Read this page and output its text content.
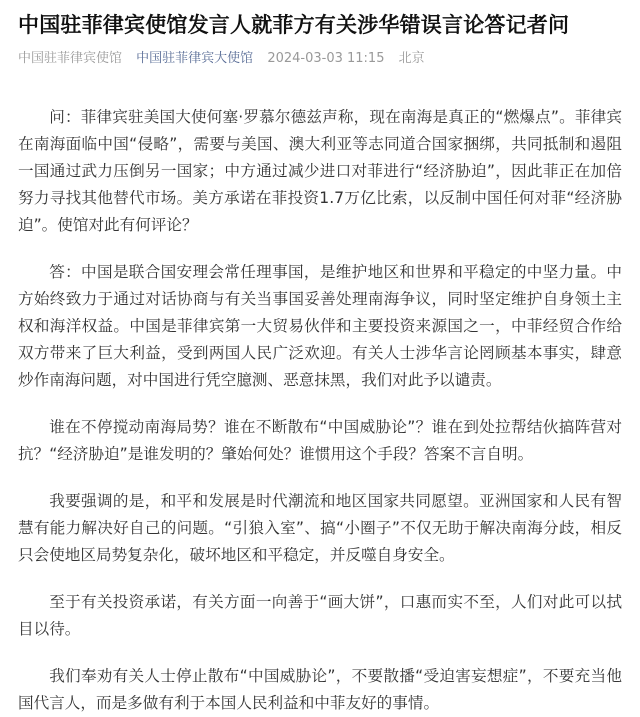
中国驻菲律宾使馆发言人就菲方有关涉华错误言论答记者问
中国驻菲律宾使馆 中国驻菲律宾大使馆 2024-03-03 11:15 北京

问：菲律宾驻美国大使何塞·罗慕尔德兹声称，现在南海是真正的“燃爆点”。菲律宾在南海面临中国“侵略”，需要与美国、澳大利亚等志同道合国家捆绑，共同抵制和遏阻一国通过武力压倒另一国家；中方通过减少进口对菲进行“经济胁迫”，因此菲正在加倍努力寻找其他替代市场。美方承诺在菲投资1.7万亿比索，以反制中国任何对菲“经济胁迫”。使馆对此有何评论？

答：中国是联合国安理会常任理事国，是维护地区和世界和平稳定的中坚力量。中方始终致力于通过对话协商与有关当事国妥善处理南海争议，同时坚定维护自身领土主权和海洋权益。中国是菲律宾第一大贸易伙伴和主要投资来源国之一，中菲经贸合作给双方带来了巨大利益，受到两国人民广泛欢迎。有关人士涉华言论罔顾基本事实，肆意炒作南海问题，对中国进行凭空臆测、恶意抹黑，我们对此予以谴责。

谁在不停搅动南海局势？谁在不断散布“中国威胁论”？谁在到处拉帮结伙搞阵营对抗？“经济胁迫”是谁发明的？肇始何处？谁惯用这个手段？答案不言自明。

我要强调的是，和平和发展是时代潮流和地区国家共同愿望。亚洲国家和人民有智慧有能力解决好自己的问题。“引狼入室”、搞“小圈子”不仅无助于解决南海分歧，相反只会使地区局势复杂化，破坏地区和平稳定，并反噬自身安全。

至于有关投资承诺，有关方面一向善于“画大饼”，口惠而实不至，人们对此可以拭目以待。

我们奉劝有关人士停止散布“中国威胁论”，不要散播“受迫害妄想症”，不要充当他国代言人，而是多做有利于本国人民利益和中菲友好的事情。
